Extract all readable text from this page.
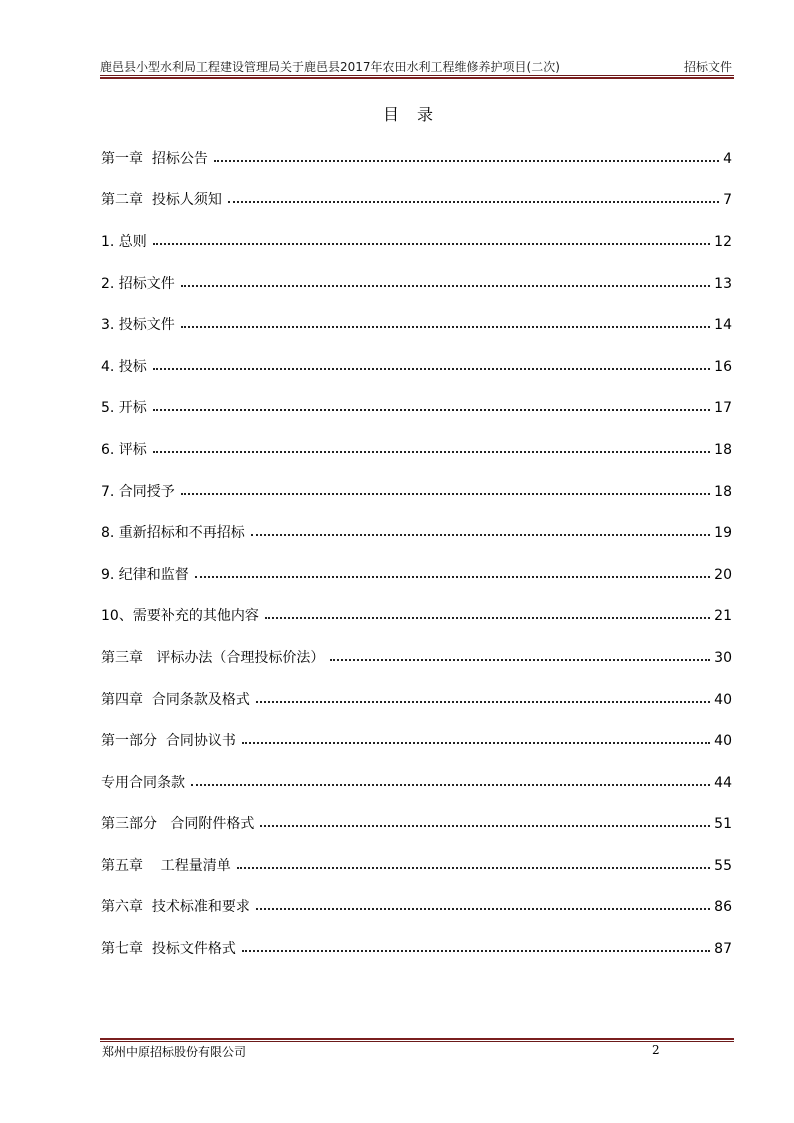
鹿邑县小型水利局工程建设管理局关于鹿邑县2017年农田水利工程维修养护项目(二次)	招标文件
目录
第一章  招标公告	4
第二章  投标人须知	7
1. 总则	12
2. 招标文件	13
3. 投标文件	14
4. 投标	16
5. 开标	17
6. 评标	18
7. 合同授予	18
8. 重新招标和不再招标	19
9. 纪律和监督	20
10、需要补充的其他内容	21
第三章   评标办法（合理投标价法）	30
第四章  合同条款及格式	40
第一部分  合同协议书	40
专用合同条款	44
第三部分   合同附件格式	51
第五章    工程量清单	55
第六章  技术标准和要求	86
第七章  投标文件格式	87
郑州中原招标股份有限公司	2
